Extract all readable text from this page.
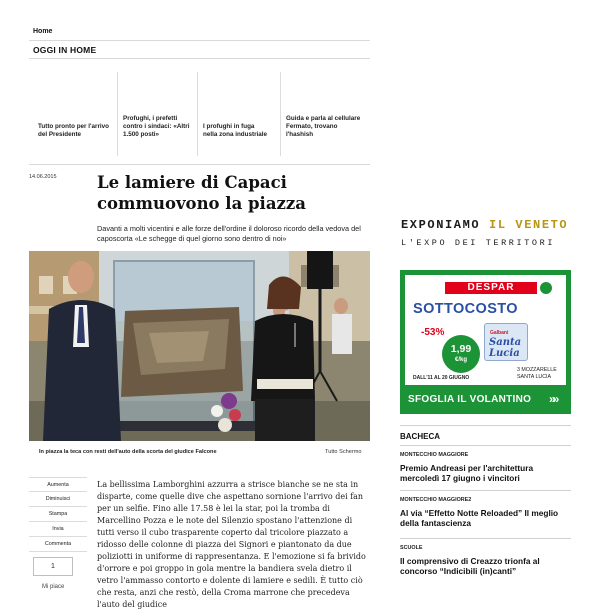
Home
OGGI IN HOME
Tutto pronto per l'arrivo del Presidente
Profughi, i prefetti contro i sindaci: «Altri 1.500 posti»
I profughi in fuga nella zona industriale
Guida e parla al cellulare Fermato, trovano l'hashish
14.06.2015 Le lamiere di Capaci commuovono la piazza

Davanti a molti vicentini e alle forze dell'ordine il doloroso ricordo della vedova del caposcorta «Le schegge di quel giorno sono dentro di noi»

In piazza la teca con resti dell'auto della scorta del giudice Falcone	Tutto Schermo
Aumenta
Diminuisci
Stampa
Invia
Commenta
1
Mi piace

La bellissima Lamborghini azzurra a strisce bianche se ne sta in disparte, come quelle dive che aspettano sornione l'arrivo dei fan per un selfie. Fino alle 17.58 è lei la star, poi la tromba di Marcellino Pozza e le note del Silenzio spostano l'attenzione di tutti verso il cubo trasparente coperto dal tricolore piazzato a ridosso delle colonne di piazza dei Signori e piantonato da due poliziotti in uniforme di rappresentanza. E l'emozione si fa brivido d'orrore e poi groppo in gola mentre la bandiera svela dietro il vetro l'ammasso contorto e dolente di lamiere e sedili. È tutto ciò che resta, anzi che restò, della Croma marrone che precedeva l'auto del giudice

EXPONIAMO IL VENETO
L'EXPO DEI TERRITORI
DESPAR
SOTTOCOSTO
-53%
1,99
€/kg
Galbani
Santa Lucia
DALL'11 AL 20 GIUGNO
3 MOZZARELLE SANTA LUCIA
SFOGLIA IL VOLANTINO »»
BACHECA
MONTECCHIO MAGGIORE
Premio Andreasi per l'architettura mercoledì 17 giugno i vincitori
MONTECCHIO MAGGIORE2
Al via “Effetto Notte Reloaded” Il meglio della fantascienza
SCUOLE
Il comprensivo di Creazzo trionfa al concorso “Indicibili (in)canti”
